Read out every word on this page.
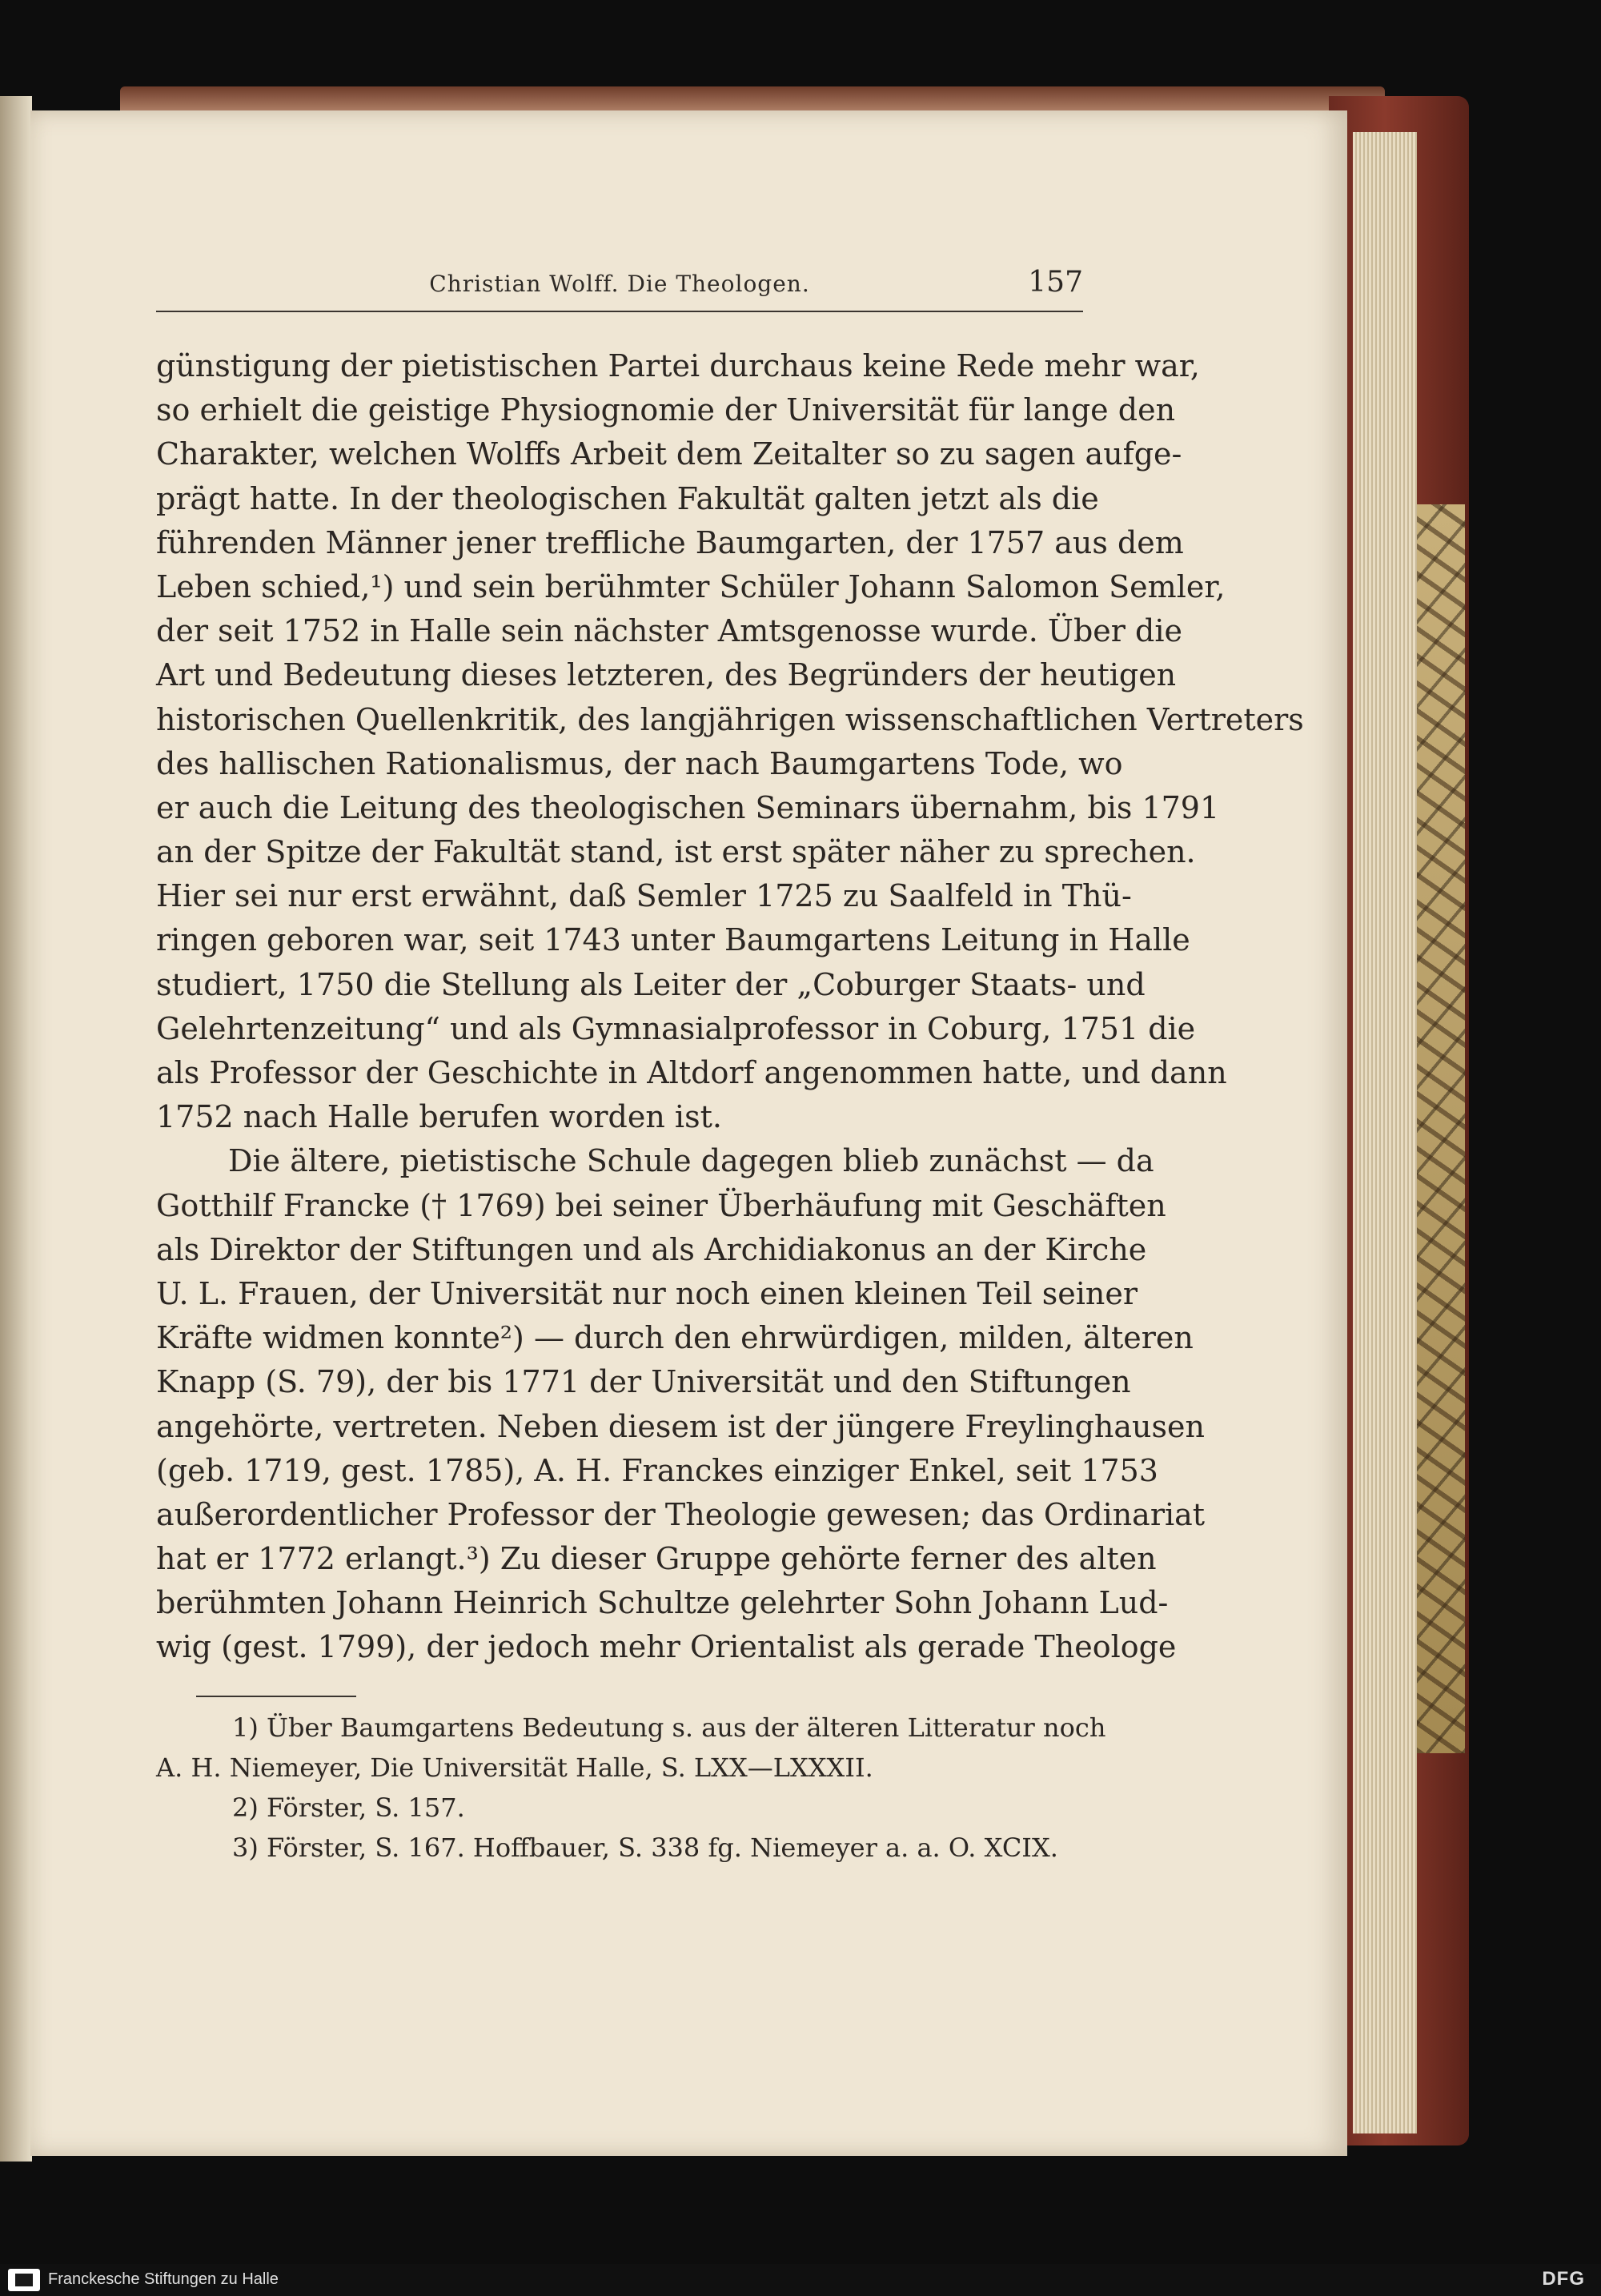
Christian Wolff. Die Theologen.	157
günstigung der pietistischen Partei durchaus keine Rede mehr war,
so erhielt die geistige Physiognomie der Universität für lange den
Charakter, welchen Wolffs Arbeit dem Zeitalter so zu sagen aufge-
prägt hatte. In der theologischen Fakultät galten jetzt als die
führenden Männer jener treffliche Baumgarten, der 1757 aus dem
Leben schied,¹) und sein berühmter Schüler Johann Salomon Semler,
der seit 1752 in Halle sein nächster Amtsgenosse wurde. Über die
Art und Bedeutung dieses letzteren, des Begründers der heutigen
historischen Quellenkritik, des langjährigen wissenschaftlichen Vertreters
des hallischen Rationalismus, der nach Baumgartens Tode, wo
er auch die Leitung des theologischen Seminars übernahm, bis 1791
an der Spitze der Fakultät stand, ist erst später näher zu sprechen.
Hier sei nur erst erwähnt, daß Semler 1725 zu Saalfeld in Thü-
ringen geboren war, seit 1743 unter Baumgartens Leitung in Halle
studiert, 1750 die Stellung als Leiter der „Coburger Staats- und
Gelehrtenzeitung“ und als Gymnasialprofessor in Coburg, 1751 die
als Professor der Geschichte in Altdorf angenommen hatte, und dann
1752 nach Halle berufen worden ist.
Die ältere, pietistische Schule dagegen blieb zunächst — da
Gotthilf Francke († 1769) bei seiner Überhäufung mit Geschäften
als Direktor der Stiftungen und als Archidiakonus an der Kirche
U. L. Frauen, der Universität nur noch einen kleinen Teil seiner
Kräfte widmen konnte²) — durch den ehrwürdigen, milden, älteren
Knapp (S. 79), der bis 1771 der Universität und den Stiftungen
angehörte, vertreten. Neben diesem ist der jüngere Freylinghausen
(geb. 1719, gest. 1785), A. H. Franckes einziger Enkel, seit 1753
außerordentlicher Professor der Theologie gewesen; das Ordinariat
hat er 1772 erlangt.³) Zu dieser Gruppe gehörte ferner des alten
berühmten Johann Heinrich Schultze gelehrter Sohn Johann Lud-
wig (gest. 1799), der jedoch mehr Orientalist als gerade Theologe
1) Über Baumgartens Bedeutung s. aus der älteren Litteratur noch
A. H. Niemeyer, Die Universität Halle, S. LXX—LXXXII.
2) Förster, S. 157.
3) Förster, S. 167. Hoffbauer, S. 338 fg. Niemeyer a. a. O. XCIX.
Franckesche Stiftungen zu Halle	DFG
